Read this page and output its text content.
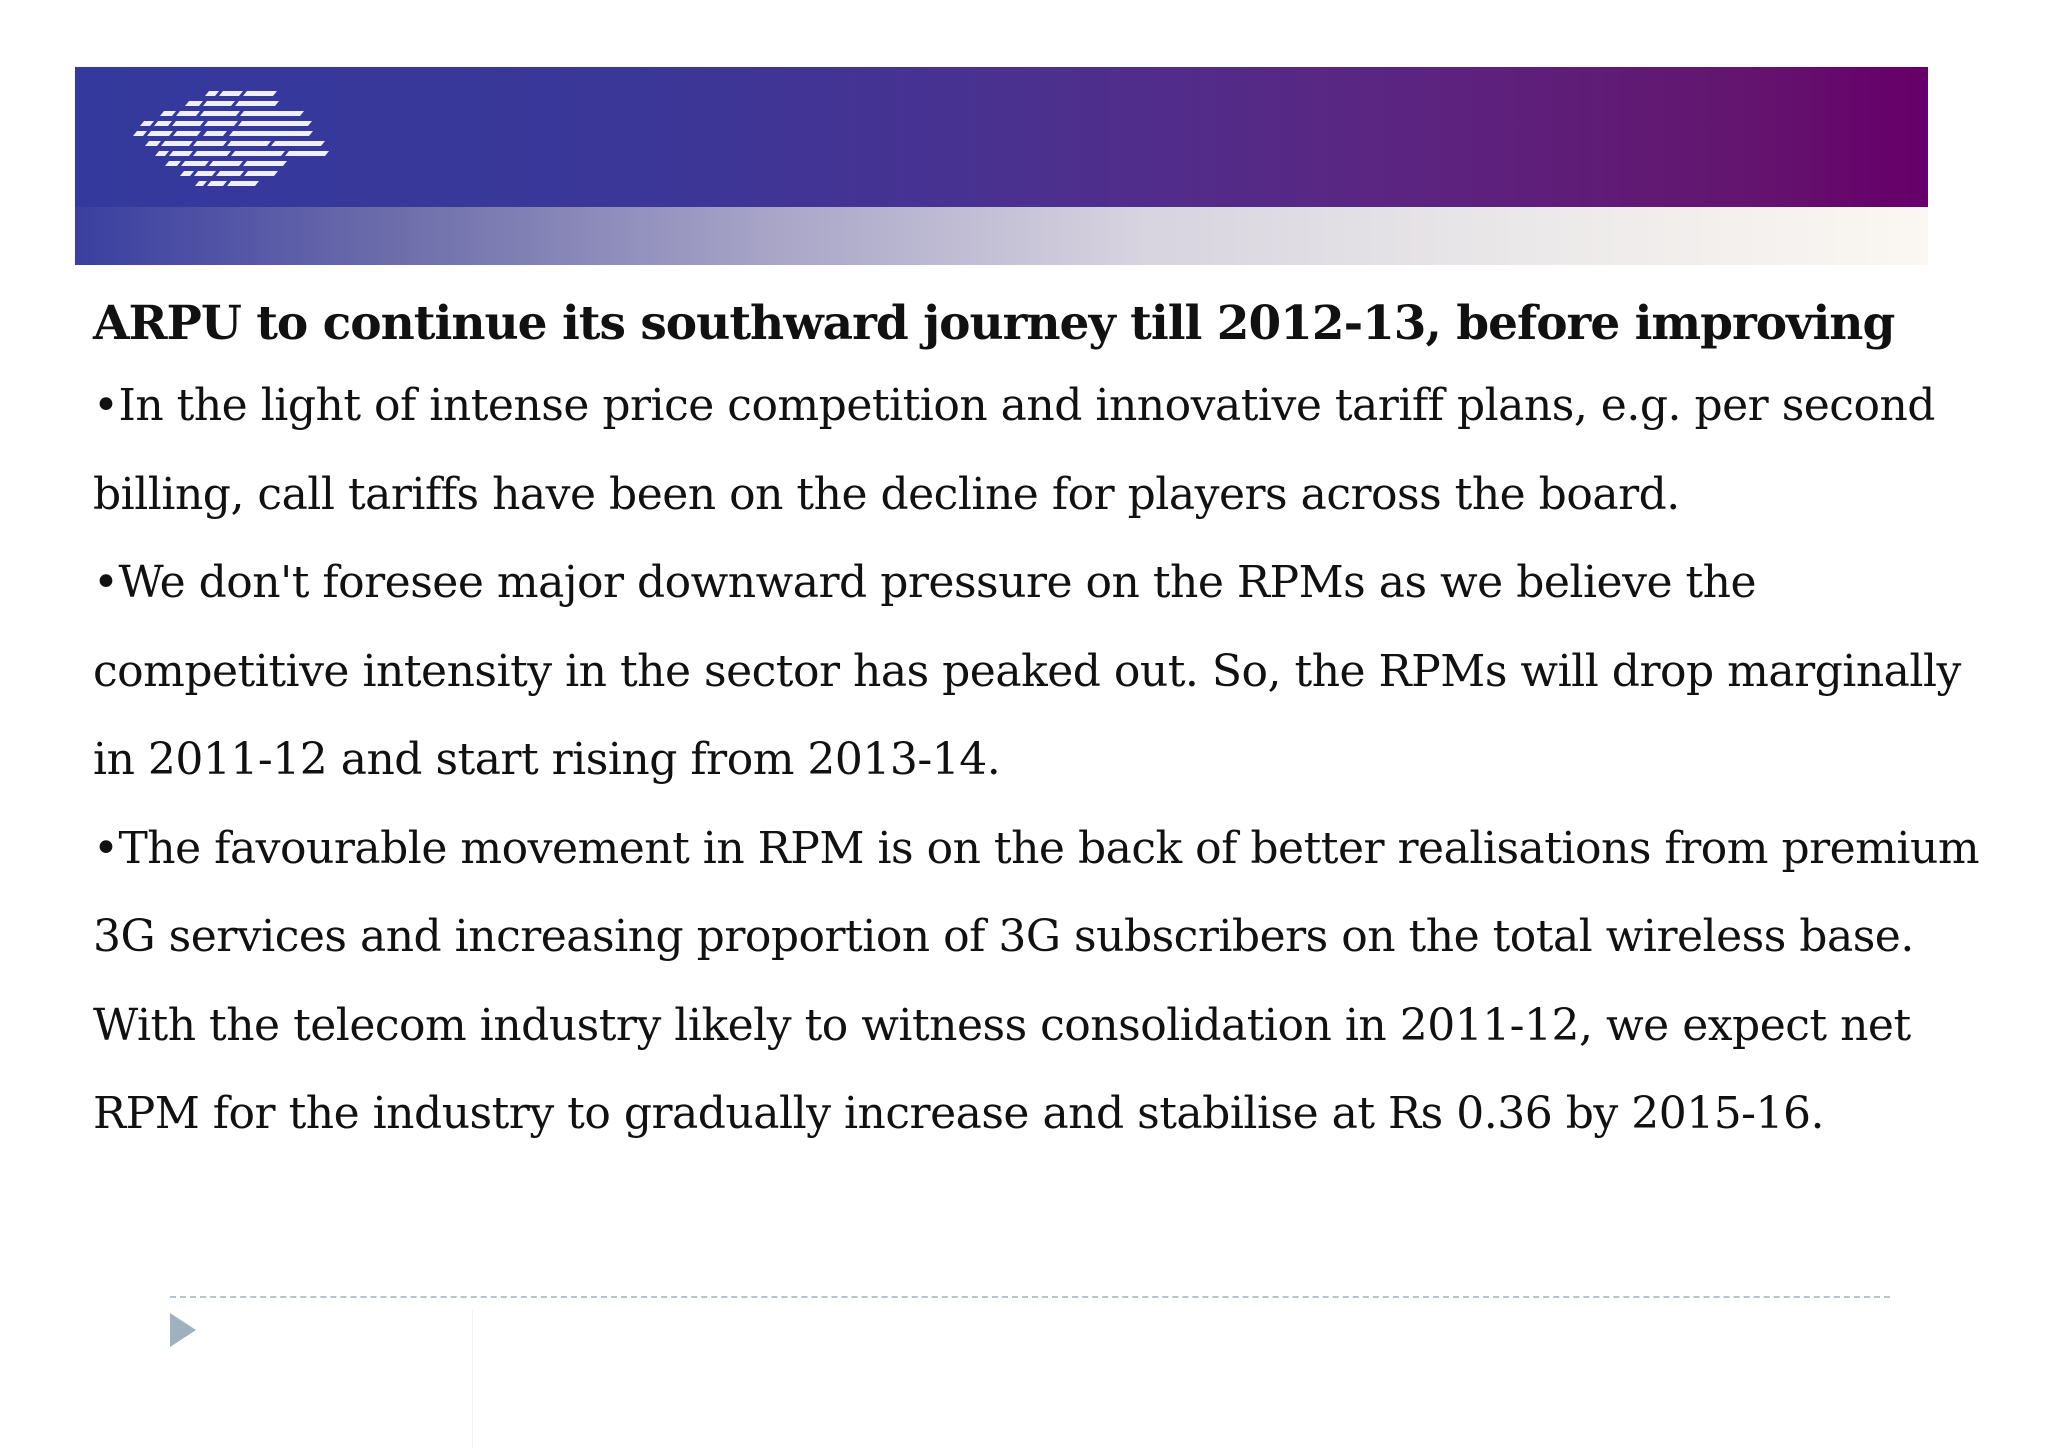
ARPU to continue its southward journey till 2012-13, before improving
•In the light of intense price competition and innovative tariff plans, e.g. per second
billing, call tariffs have been on the decline for players across the board.
•We don't foresee major downward pressure on the RPMs as we believe the
competitive intensity in the sector has peaked out. So, the RPMs will drop marginally
in 2011-12 and start rising from 2013-14.
•The favourable movement in RPM is on the back of better realisations from premium
3G services and increasing proportion of 3G subscribers on the total wireless base.
With the telecom industry likely to witness consolidation in 2011-12, we expect net
RPM for the industry to gradually increase and stabilise at Rs 0.36 by 2015-16.
